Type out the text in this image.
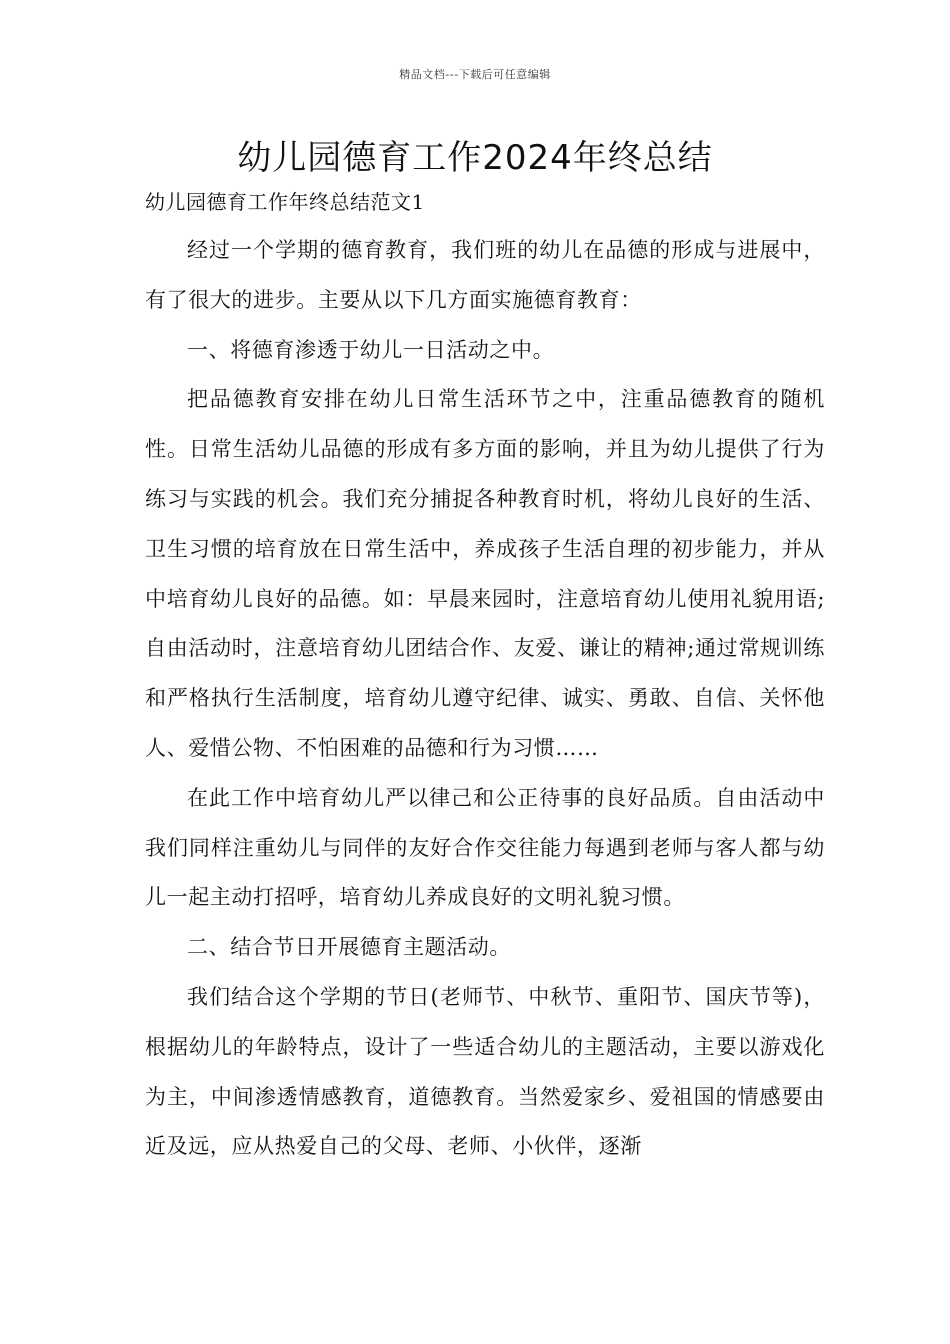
精品文档---下载后可任意编辑
幼儿园德育工作2024年终总结
幼儿园德育工作年终总结范文1

经过一个学期的德育教育，我们班的幼儿在品德的形成与进展中，有了很大的进步。主要从以下几方面实施德育教育：

一、将德育渗透于幼儿一日活动之中。

把品德教育安排在幼儿日常生活环节之中，注重品德教育的随机性。日常生活幼儿品德的形成有多方面的影响，并且为幼儿提供了行为练习与实践的机会。我们充分捕捉各种教育时机，将幼儿良好的生活、卫生习惯的培育放在日常生活中，养成孩子生活自理的初步能力，并从中培育幼儿良好的品德。如：早晨来园时，注意培育幼儿使用礼貌用语;自由活动时，注意培育幼儿团结合作、友爱、谦让的精神;通过常规训练和严格执行生活制度，培育幼儿遵守纪律、诚实、勇敢、自信、关怀他人、爱惜公物、不怕困难的品德和行为习惯……

在此工作中培育幼儿严以律己和公正待事的良好品质。自由活动中我们同样注重幼儿与同伴的友好合作交往能力每遇到老师与客人都与幼儿一起主动打招呼，培育幼儿养成良好的文明礼貌习惯。

二、结合节日开展德育主题活动。

我们结合这个学期的节日(老师节、中秋节、重阳节、国庆节等)，根据幼儿的年龄特点，设计了一些适合幼儿的主题活动，主要以游戏化为主，中间渗透情感教育，道德教育。当然爱家乡、爱祖国的情感要由近及远，应从热爱自己的父母、老师、小伙伴，逐渐
